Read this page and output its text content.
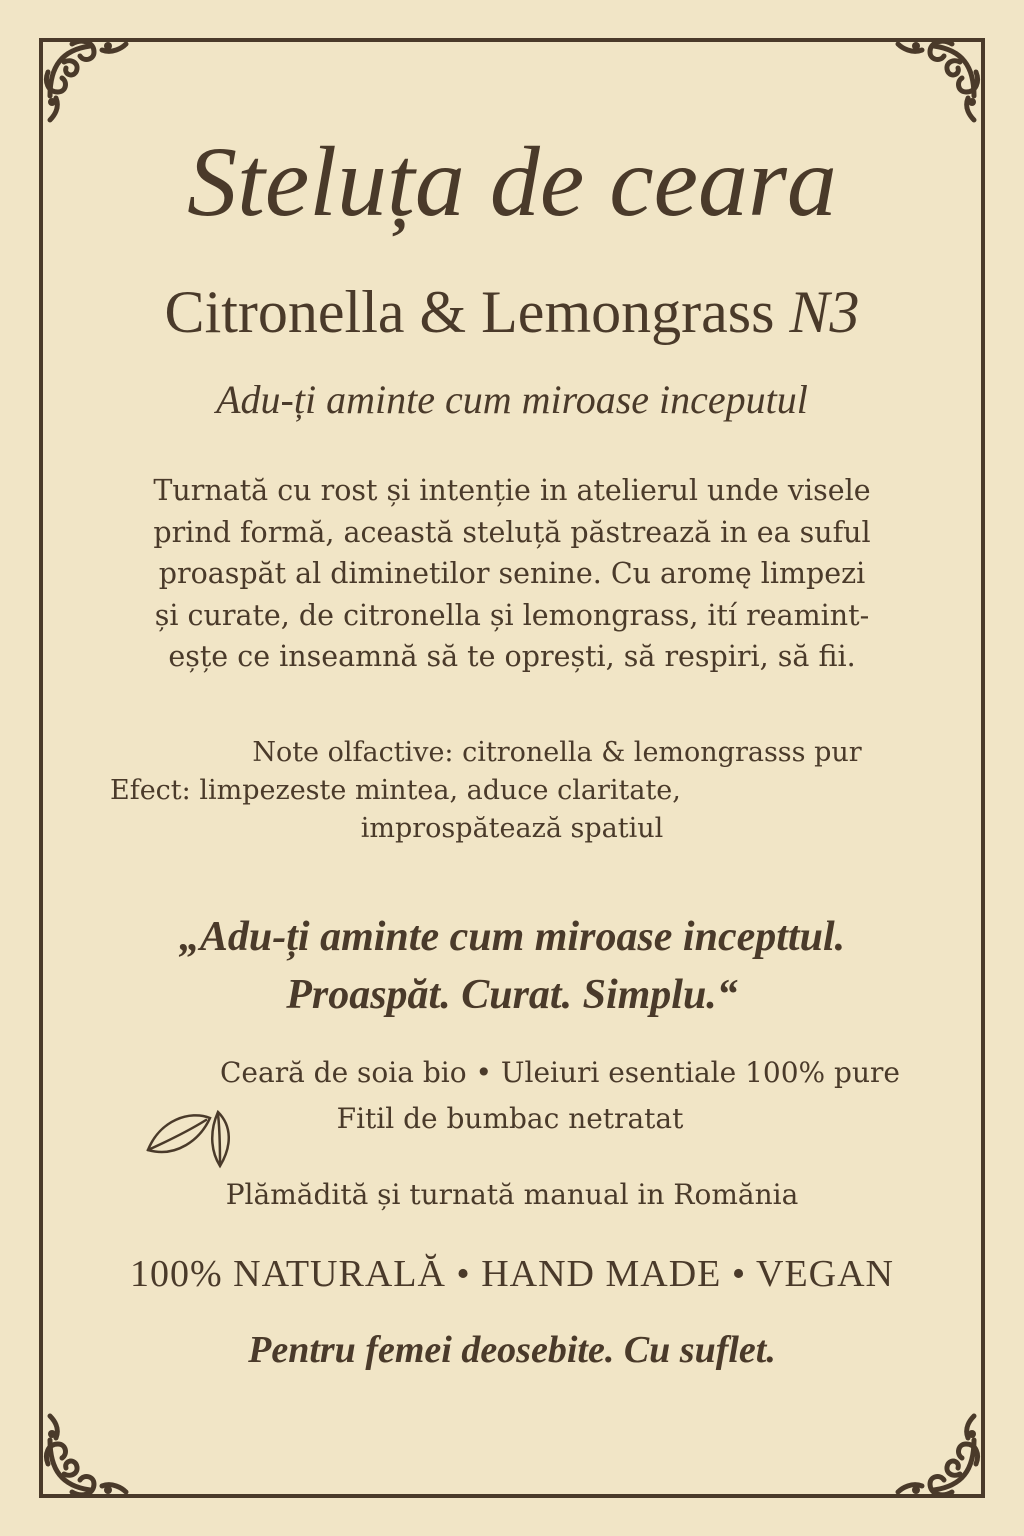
Steluța de ceara
Citronella & Lemongrass N3
Adu-ți aminte cum miroase inceputul
Turnată cu rost și intenție in atelierul unde visele
prind formă, această steluță păstrează in ea suful
proaspăt al diminetilor senine. Cu aromę limpezi
și curate, de citronella și lemongrass, ití reamint-
eșțe ce inseamnă să te oprești, să respiri, să fii.
Note olfactive: citronella & lemongrasss pur
Efect: limpezeste mintea, aduce claritate,
improspătează spatiul
„Adu-ți aminte cum miroase incepttul.
Proaspăt. Curat. Simplu.“
Ceară de soia bio • Uleiuri esentiale 100% pure
Fitil de bumbac netratat
Plămădită și turnată manual in Romănia
100% NATURALĂ • HAND MADE • VEGAN
Pentru femei deosebite. Cu suflet.
